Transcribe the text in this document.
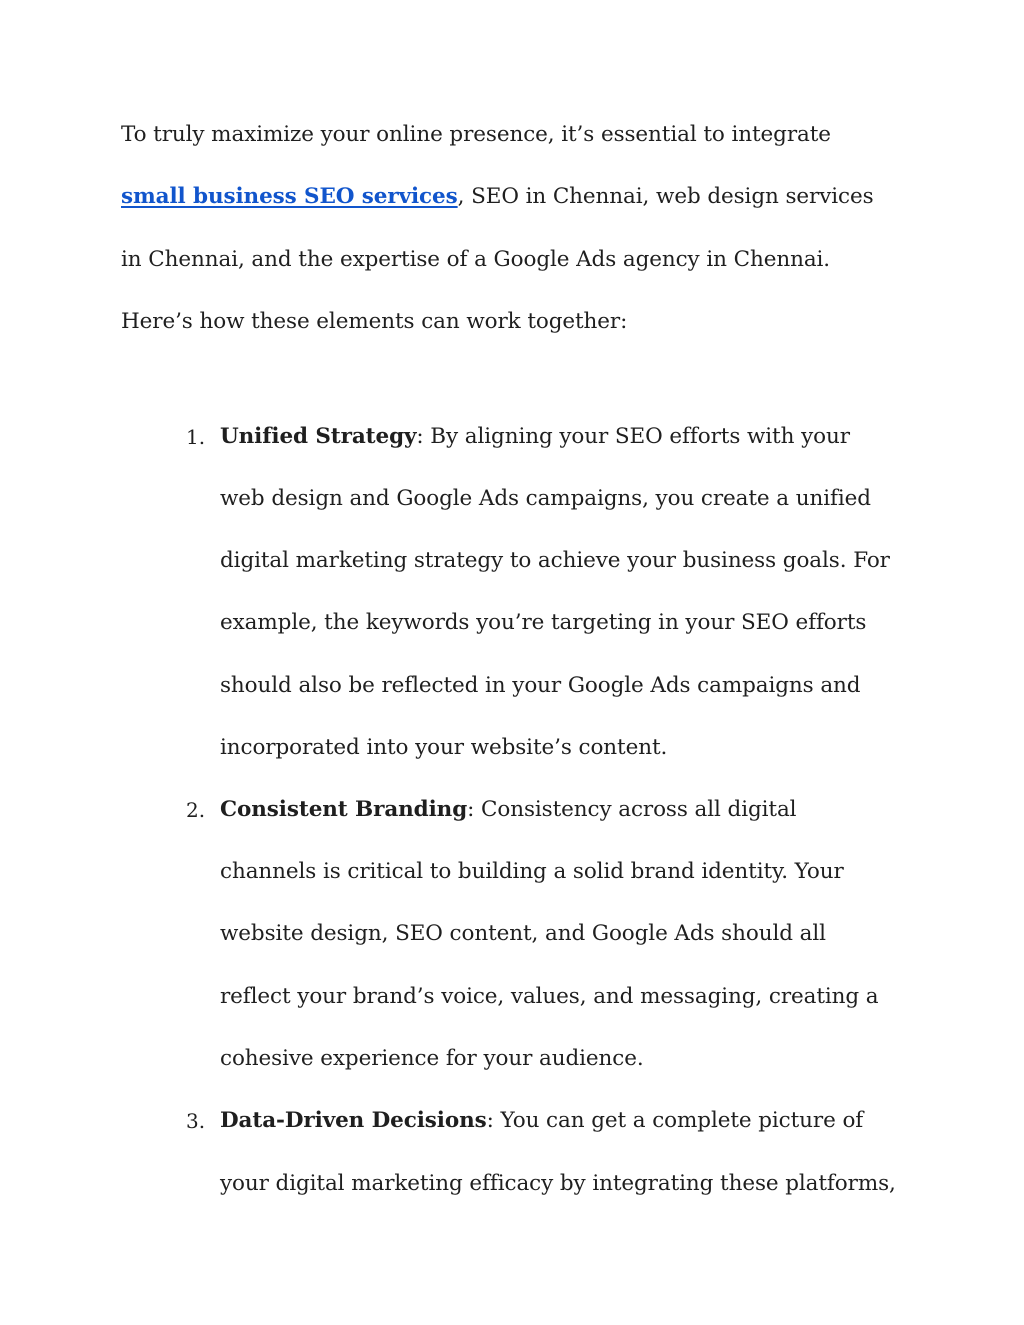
To truly maximize your online presence, it’s essential to integrate
small business SEO services, SEO in Chennai, web design services
in Chennai, and the expertise of a Google Ads agency in Chennai.
Here’s how these elements can work together:
1. Unified Strategy: By aligning your SEO efforts with your
web design and Google Ads campaigns, you create a unified
digital marketing strategy to achieve your business goals. For
example, the keywords you’re targeting in your SEO efforts
should also be reflected in your Google Ads campaigns and
incorporated into your website’s content.
2. Consistent Branding: Consistency across all digital
channels is critical to building a solid brand identity. Your
website design, SEO content, and Google Ads should all
reflect your brand’s voice, values, and messaging, creating a
cohesive experience for your audience.
3. Data-Driven Decisions: You can get a complete picture of
your digital marketing efficacy by integrating these platforms,
